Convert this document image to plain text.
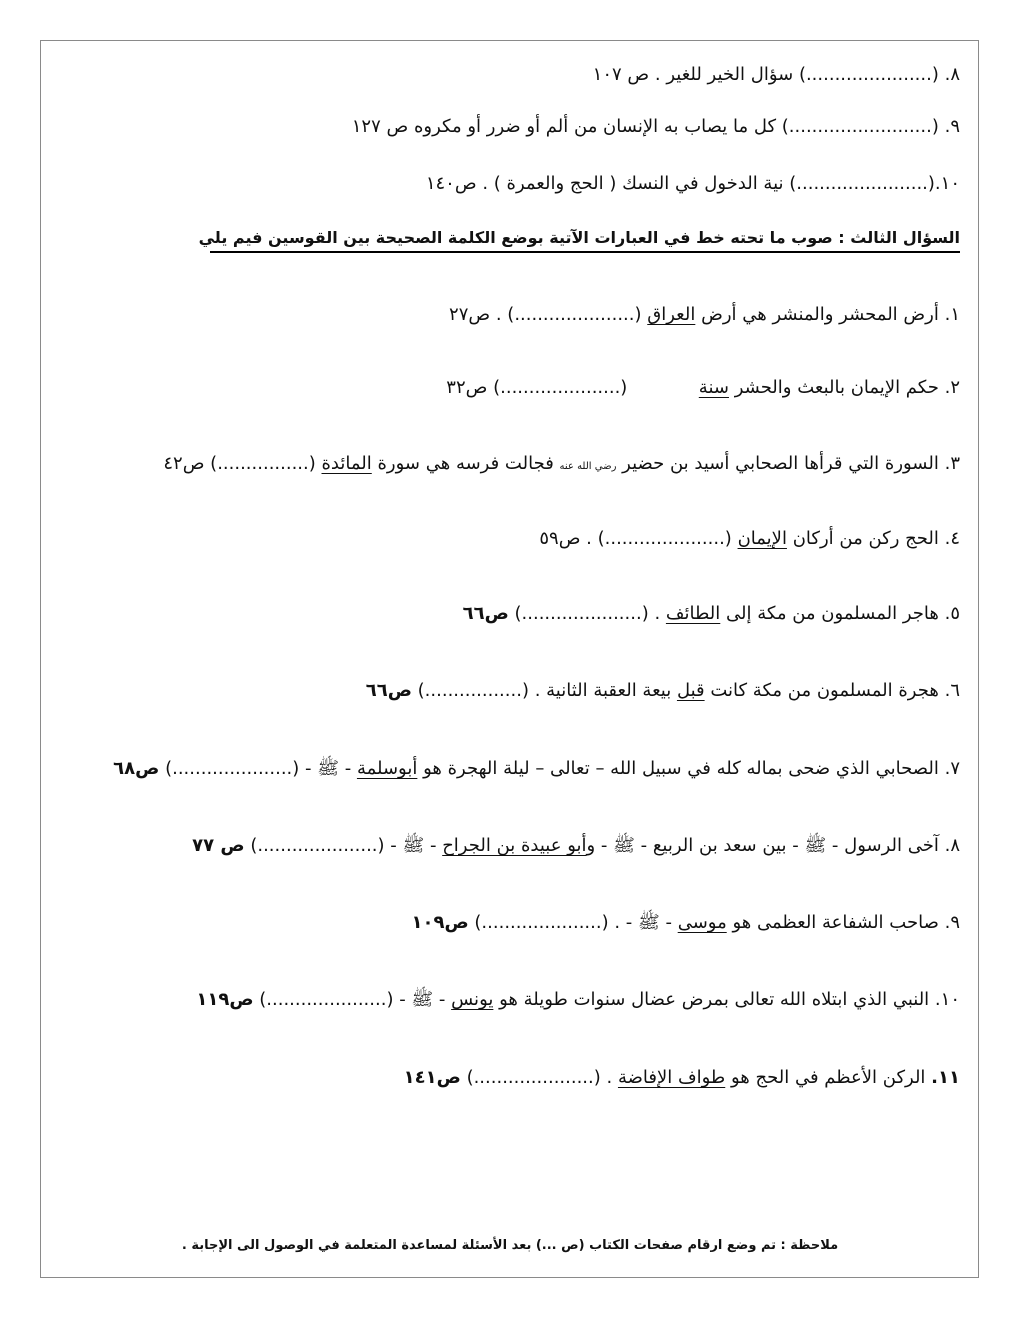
٨. (......................) سؤال الخير للغير . ص ١٠٧
٩. (.........................) كل ما يصاب به الإنسان من ألم أو ضرر أو مكروه ص ١٢٧
١٠.(.......................) نية الدخول في النسك ( الحج والعمرة ) . ص١٤٠
السؤال الثالث : صوب ما تحته خط في العبارات الآتية بوضع الكلمة الصحيحة بين القوسين فيم يلي
١. أرض المحشر والمنشر هي أرض العراق (.....................) . ص٢٧
٢. حكم الإيمان بالبعث والحشر سنة  (.....................) ص٣٢
٣. السورة التي قرأها الصحابي أسيد بن حضير رضي الله عنه فجالت فرسه هي سورة المائدة (................) ص٤٢
٤. الحج ركن من أركان الإيمان (.....................) . ص٥٩
٥. هاجر المسلمون من مكة إلى الطائف . (.....................) ص٦٦
٦. هجرة المسلمون من مكة كانت قبل بيعة العقبة الثانية . (.................) ص٦٦
٧. الصحابي الذي ضحى بماله كله في سبيل الله – تعالى – ليلة الهجرة هو أبوسلمة - ﷺ - (.....................) ص٦٨
٨. آخى الرسول - ﷺ - بين سعد بن الربيع - ﷺ - وأبو عبيدة بن الجراح - ﷺ - (.....................) ص ٧٧
٩. صاحب الشفاعة العظمى هو موسى - ﷺ - . (.....................) ص١٠٩
١٠. النبي الذي ابتلاه الله تعالى بمرض عضال سنوات طويلة هو يونس - ﷺ - (.....................) ص١١٩
١١. الركن الأعظم في الحج هو طواف الإفاضة . (.....................) ص١٤١
ملاحظة : تم وضع ارقام صفحات الكتاب (ص ...) بعد الأسئلة لمساعدة المتعلمة في الوصول الى الإجابة .
